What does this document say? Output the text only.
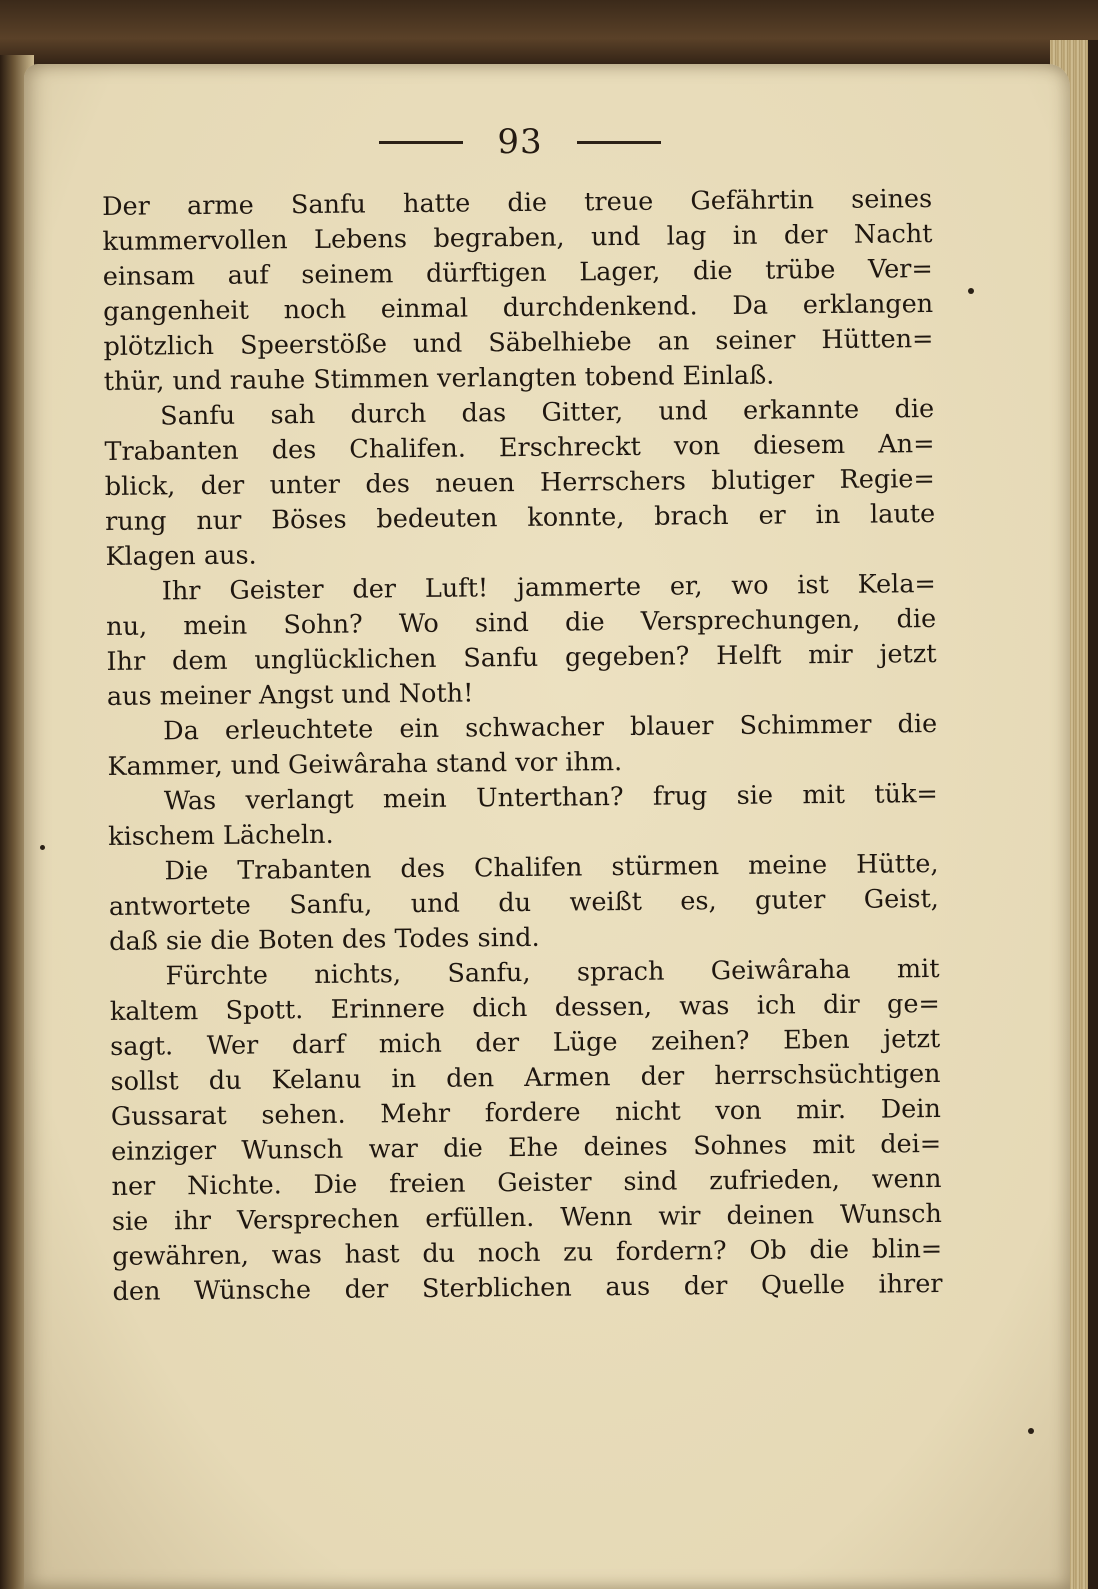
93
Der arme Sanfu hatte die treue Gefährtin seines
kummervollen Lebens begraben, und lag in der Nacht
einsam auf seinem dürftigen Lager, die trübe Ver=
gangenheit noch einmal durchdenkend. Da erklangen
plötzlich Speerstöße und Säbelhiebe an seiner Hütten=
thür, und rauhe Stimmen verlangten tobend Einlaß.
Sanfu sah durch das Gitter, und erkannte die
Trabanten des Chalifen. Erschreckt von diesem An=
blick, der unter des neuen Herrschers blutiger Regie=
rung nur Böses bedeuten konnte, brach er in laute
Klagen aus.
Ihr Geister der Luft! jammerte er, wo ist Kela=
nu, mein Sohn? Wo sind die Versprechungen, die
Ihr dem unglücklichen Sanfu gegeben? Helft mir jetzt
aus meiner Angst und Noth!
Da erleuchtete ein schwacher blauer Schimmer die
Kammer, und Geiwâraha stand vor ihm.
Was verlangt mein Unterthan? frug sie mit tük=
kischem Lächeln.
Die Trabanten des Chalifen stürmen meine Hütte,
antwortete Sanfu, und du weißt es, guter Geist,
daß sie die Boten des Todes sind.
Fürchte nichts, Sanfu, sprach Geiwâraha mit
kaltem Spott. Erinnere dich dessen, was ich dir ge=
sagt. Wer darf mich der Lüge zeihen? Eben jetzt
sollst du Kelanu in den Armen der herrschsüchtigen
Gussarat sehen. Mehr fordere nicht von mir. Dein
einziger Wunsch war die Ehe deines Sohnes mit dei=
ner Nichte. Die freien Geister sind zufrieden, wenn
sie ihr Versprechen erfüllen. Wenn wir deinen Wunsch
gewähren, was hast du noch zu fordern? Ob die blin=
den Wünsche der Sterblichen aus der Quelle ihrer
